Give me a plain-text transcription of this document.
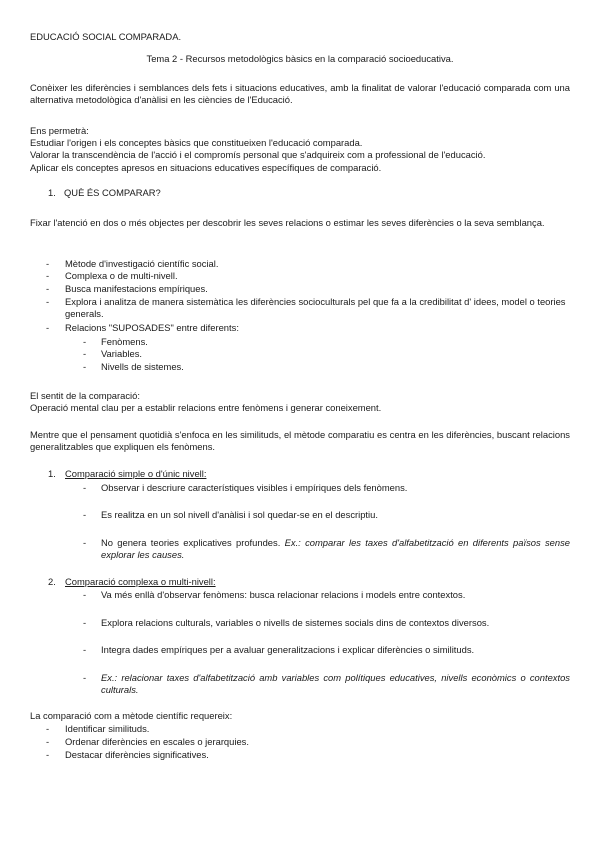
EDUCACIÓ SOCIAL COMPARADA.

Tema 2 - Recursos metodològics bàsics en la comparació socioeducativa.

Conèixer les diferències i semblances dels fets i situacions educatives, amb la finalitat de valorar l'educació comparada com una alternativa metodològica d'anàlisi en les ciències de l'Educació.

Ens permetrà:

Estudiar l'origen i els conceptes bàsics que constitueixen l'educació comparada.

Valorar la transcendència de l'acció i el compromís personal que s'adquireix com a professional de l'educació.

Aplicar els conceptes apresos en situacions educatives específiques de comparació.

1. QUÈ ÉS COMPARAR?

Fixar l'atenció en dos o més objectes per descobrir les seves relacions o estimar les seves diferències o la seva semblança.

- Mètode d'investigació científic social.

- Complexa o de multi-nivell.

- Busca manifestacions empíriques.

- Explora i analitza de manera sistemàtica les diferències socioculturals pel que fa a la credibilitat d' idees, model o teories generals.

- Relacions "SUPOSADES" entre diferents:

- Fenòmens.

- Variables.

- Nivells de sistemes.

El sentit de la comparació:

Operació mental clau per a establir relacions entre fenòmens i generar coneixement.

Mentre que el pensament quotidià s'enfoca en les similituds, el mètode comparatiu es centra en les diferències, buscant relacions generalitzables que expliquen els fenòmens.

1. Comparació simple o d'únic nivell:
- Observar i descriure característiques visibles i empíriques dels fenòmens.

- Es realitza en un sol nivell d'anàlisi i sol quedar-se en el descriptiu.

- No genera teories explicatives profundes. Ex.: comparar les taxes d'alfabetització en diferents països sense explorar les causes.

2. Comparació complexa o multi-nivell:
- Va més enllà d'observar fenòmens: busca relacionar relacions i models entre contextos.

- Explora relacions culturals, variables o nivells de sistemes socials dins de contextos diversos.

- Integra dades empíriques per a avaluar generalitzacions i explicar diferències o similituds.

- Ex.: relacionar taxes d'alfabetització amb variables com polítiques educatives, nivells econòmics o contextos culturals.

La comparació com a mètode científic requereix:

- Identificar similituds.

- Ordenar diferències en escales o jerarquies.

- Destacar diferències significatives.
